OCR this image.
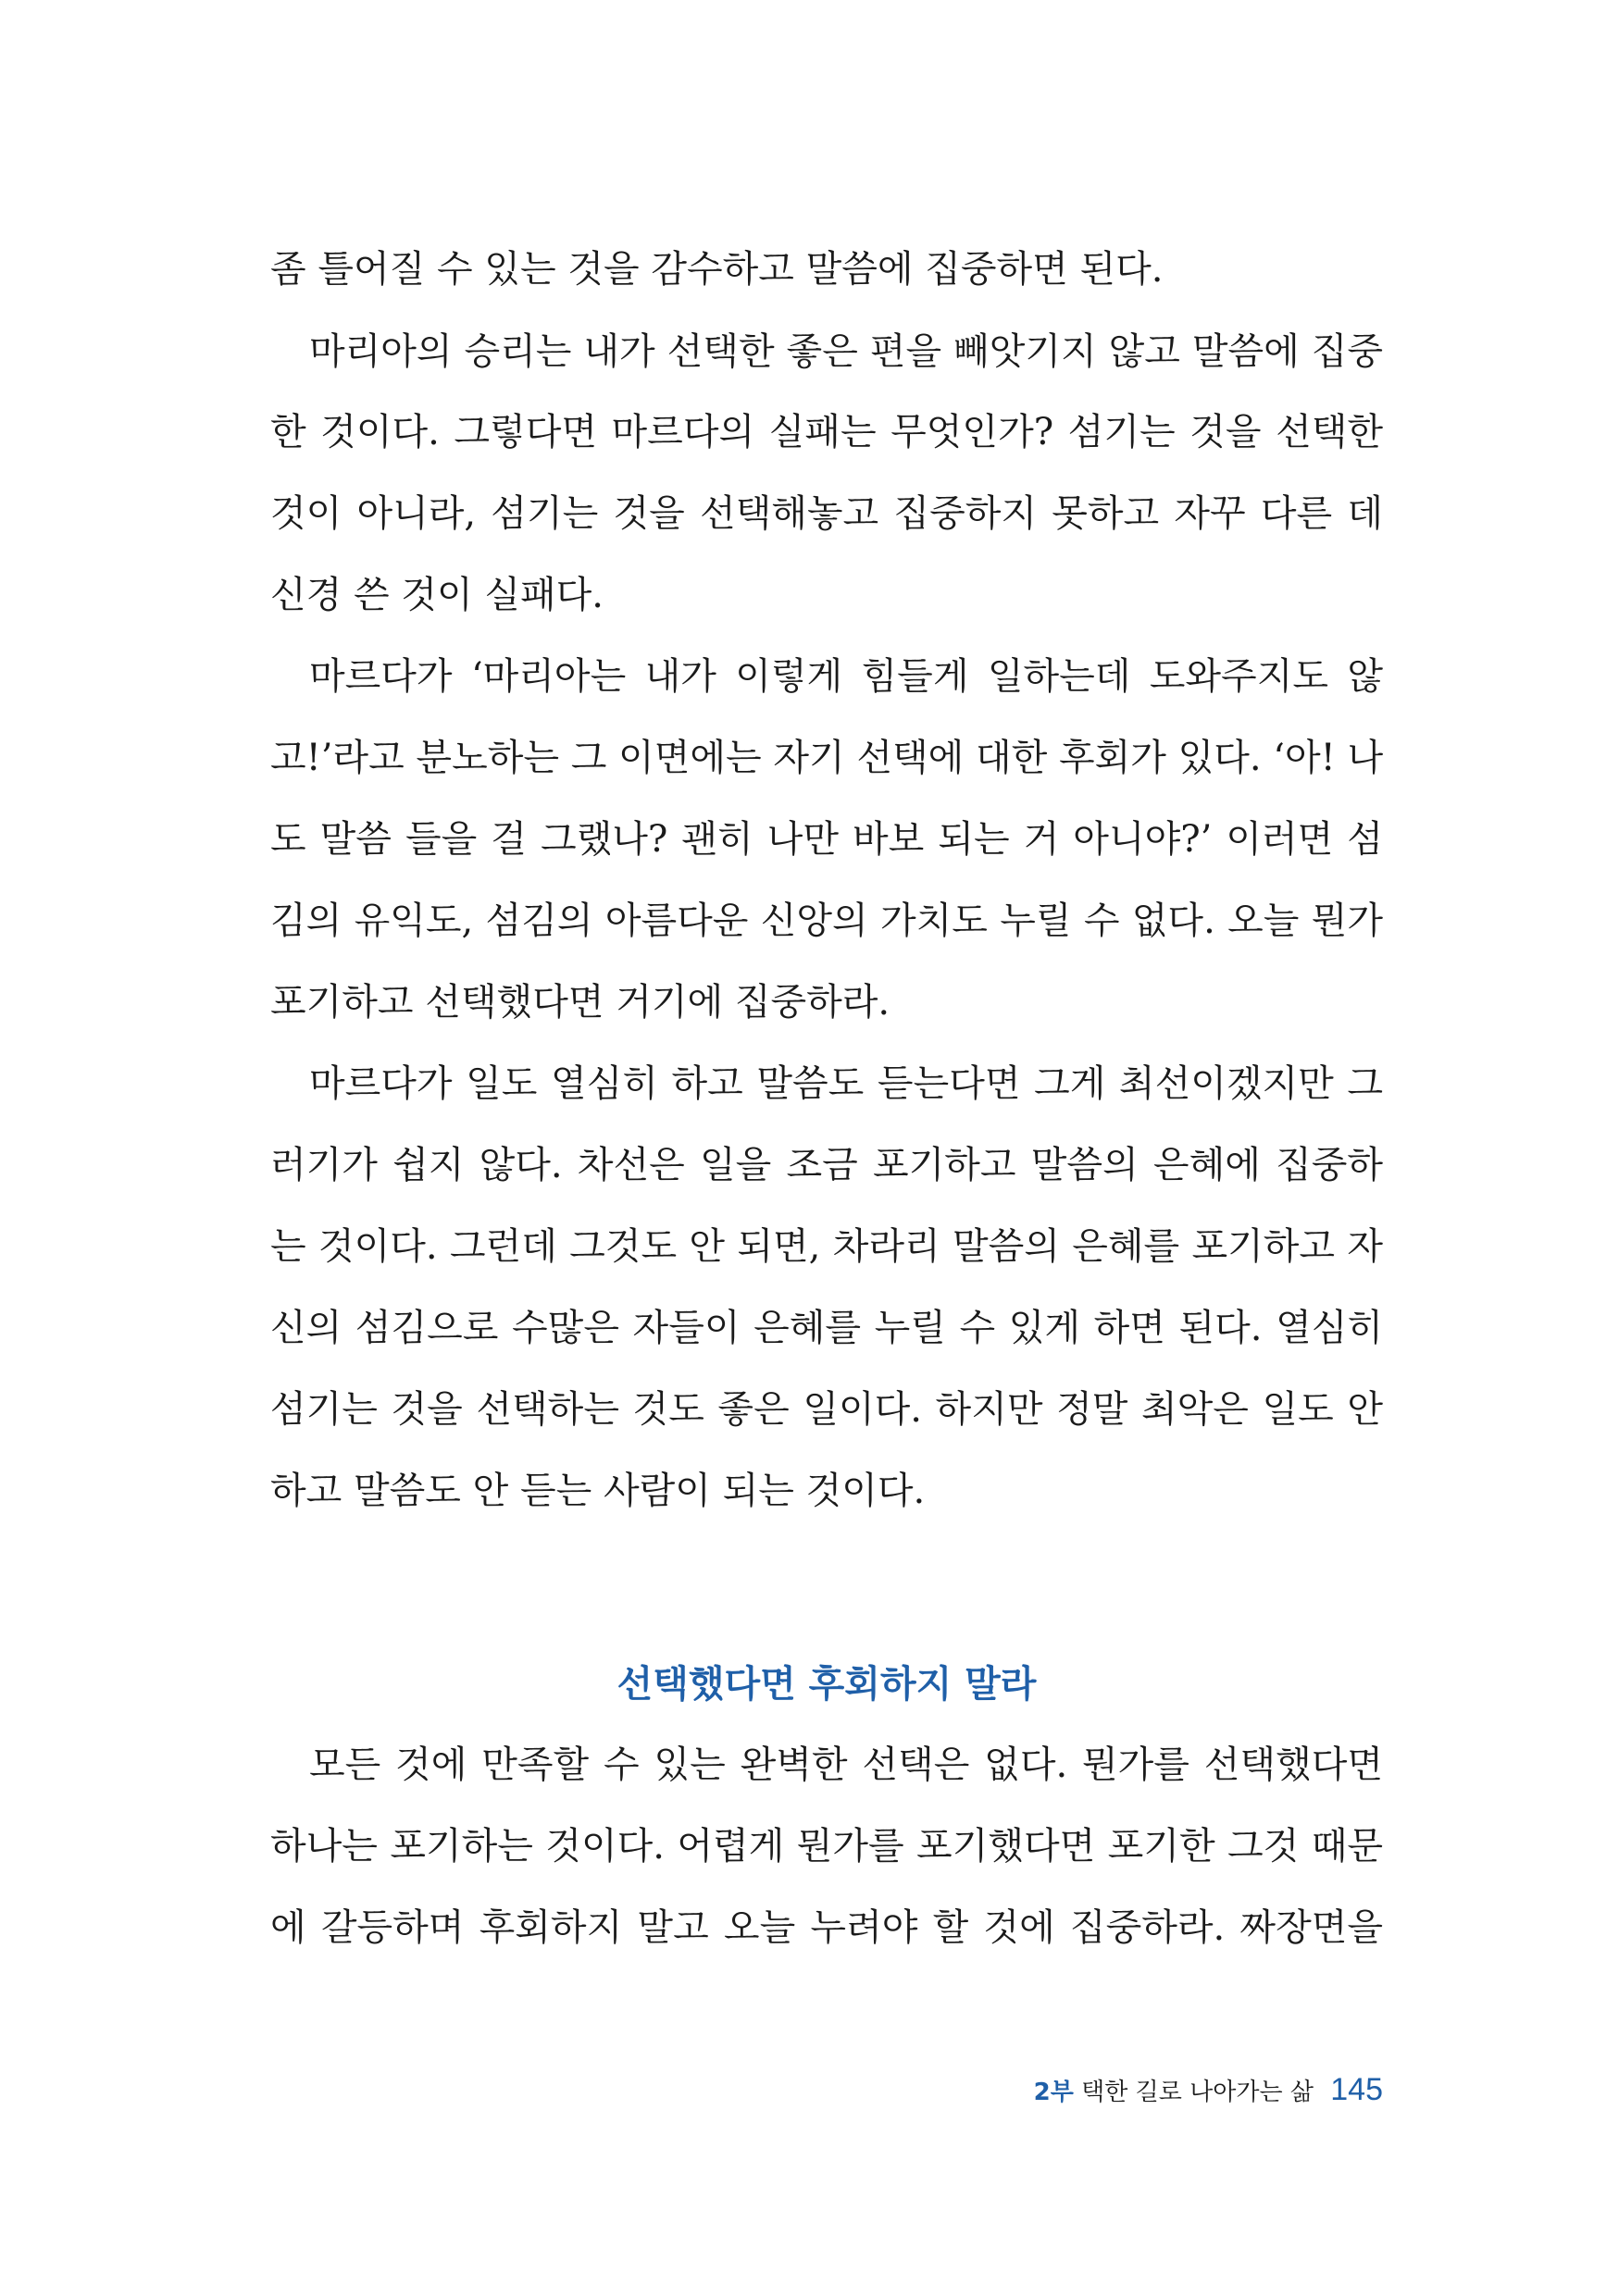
좀 틀어질 수 있는 것을 감수하고 말씀에 집중하면 된다.
마리아의 승리는 내가 선택한 좋은 편을 빼앗기지 않고 말씀에 집중
한 것이다. 그렇다면 마르다의 실패는 무엇인가? 섬기는 것을 선택한
것이 아니라, 섬기는 것을 선택해놓고 집중하지 못하고 자꾸 다른 데
신경 쓴 것이 실패다.
마르다가 ‘마리아는 내가 이렇게 힘들게 일하는데 도와주지도 않
고!’라고 분노하는 그 이면에는 자기 선택에 대한 후회가 있다. ‘아! 나
도 말씀 들을 걸 그랬나? 괜히 나만 바보 되는 거 아니야?’ 이러면 섬
김의 유익도, 섬김의 아름다운 신앙의 가치도 누릴 수 없다. 오늘 뭔가
포기하고 선택했다면 거기에 집중하라.
마르다가 일도 열심히 하고 말씀도 듣는다면 그게 최선이겠지만 그
러기가 쉽지 않다. 차선은 일을 조금 포기하고 말씀의 은혜에 집중하
는 것이다. 그런데 그것도 안 되면, 차라리 말씀의 은혜를 포기하고 자
신의 섬김으로 수많은 자들이 은혜를 누릴 수 있게 하면 된다. 열심히
섬기는 것을 선택하는 것도 좋은 일이다. 하지만 정말 최악은 일도 안
하고 말씀도 안 듣는 사람이 되는 것이다.
선택했다면 후회하지 말라
모든 것에 만족할 수 있는 완벽한 선택은 없다. 뭔가를 선택했다면
하나는 포기하는 것이다. 어렵게 뭔가를 포기했다면 포기한 그것 때문
에 갈등하며 후회하지 말고 오늘 누려야 할 것에 집중하라. 짜장면을
2부 택한 길로 나아가는 삶 145
